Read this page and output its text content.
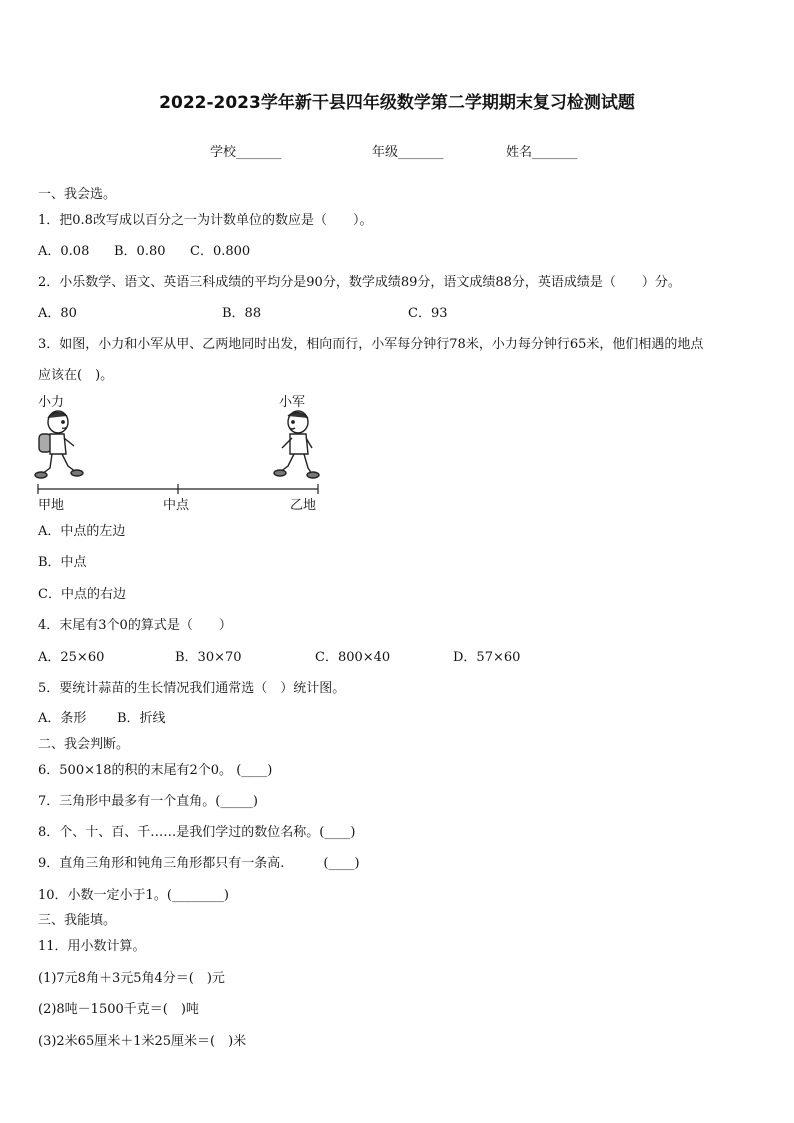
2022-2023学年新干县四年级数学第二学期期末复习检测试题
学校_______	年级_______	姓名_______
一、我会选。
1．把0.8改写成以百分之一为计数单位的数应是（　　）。
A．0.08 B．0.80 C．0.800
2．小乐数学、语文、英语三科成绩的平均分是90分，数学成绩89分，语文成绩88分，英语成绩是（　　）分。
A．80	B．88	C．93
3．如图，小力和小军从甲、乙两地同时出发，相向而行，小军每分钟行78米，小力每分钟行65米，他们相遇的地点
应该在(　)。
小力	小军
甲地	中点	乙地
A．中点的左边
B．中点
C．中点的右边
4．末尾有3个0的算式是（　　）
A．25×60	B．30×70	C．800×40	D．57×60
5．要统计蒜苗的生长情况我们通常选（　）统计图。
A．条形 B．折线
二、我会判断。
6．500×18的积的末尾有2个0。 (____)
7．三角形中最多有一个直角。(_____)
8．个、十、百、千……是我们学过的数位名称。(____)
9．直角三角形和钝角三角形都只有一条高.　　　(____)
10．小数一定小于1。(________)
三、我能填。
11．用小数计算。
(1)7元8角＋3元5角4分＝(　)元
(2)8吨－1500千克＝(　)吨
(3)2米65厘米＋1米25厘米＝(　)米
